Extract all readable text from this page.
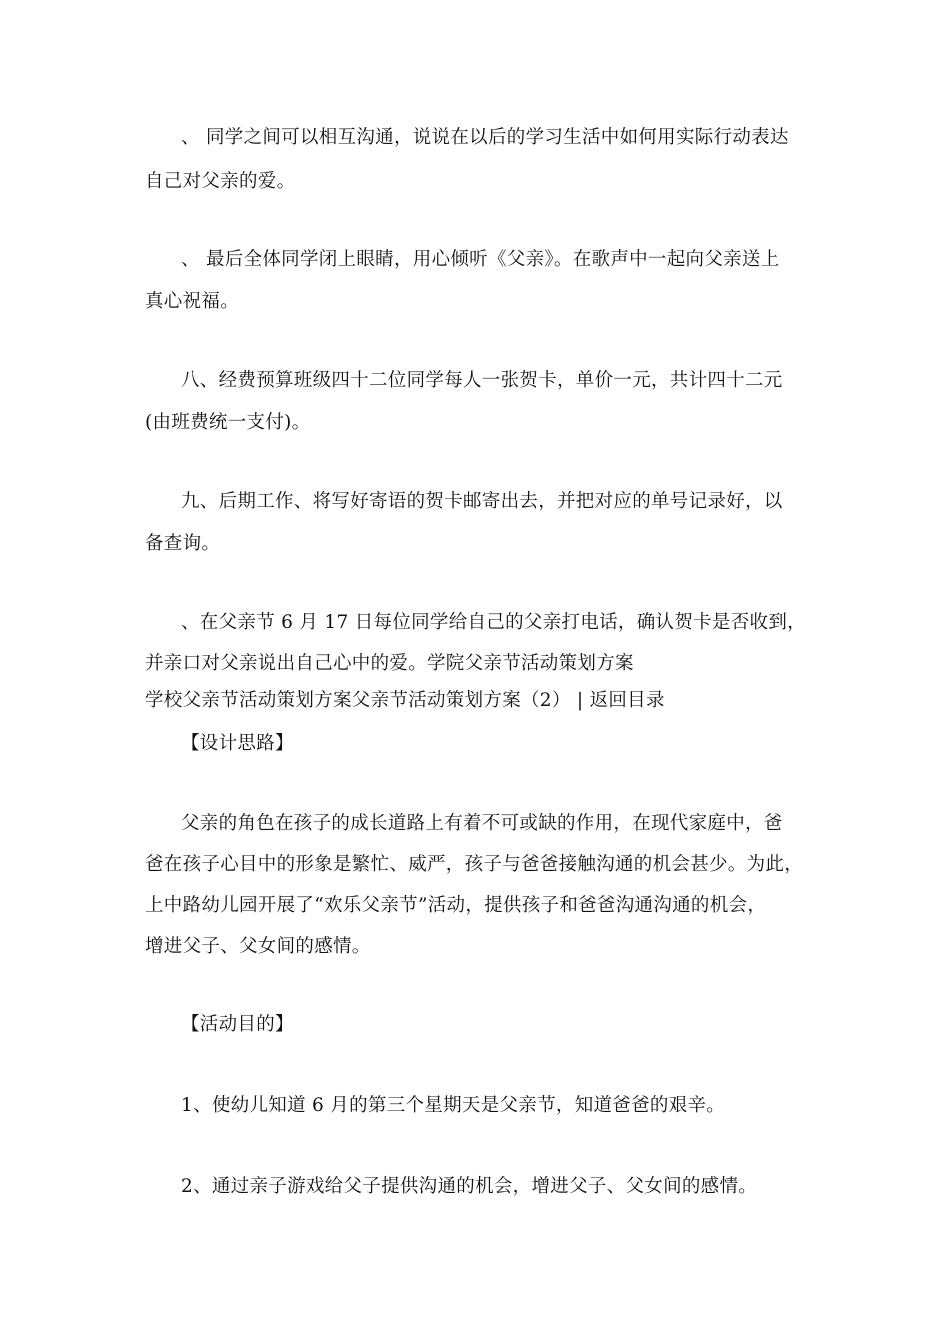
、 同学之间可以相互沟通，说说在以后的学习生活中如何用实际行动表达
自己对父亲的爱。
、 最后全体同学闭上眼睛，用心倾听《父亲》。在歌声中一起向父亲送上
真心祝福。
八、经费预算班级四十二位同学每人一张贺卡，单价一元，共计四十二元
(由班费统一支付)。
九、后期工作、将写好寄语的贺卡邮寄出去，并把对应的单号记录好，以
备查询。
、在父亲节 6 月 17 日每位同学给自己的父亲打电话，确认贺卡是否收到，
并亲口对父亲说出自己心中的爱。学院父亲节活动策划方案
学校父亲节活动策划方案父亲节活动策划方案（2） | 返回目录
【设计思路】
父亲的角色在孩子的成长道路上有着不可或缺的作用，在现代家庭中，爸
爸在孩子心目中的形象是繁忙、威严，孩子与爸爸接触沟通的机会甚少。为此，
上中路幼儿园开展了“欢乐父亲节”活动，提供孩子和爸爸沟通沟通的机会，
增进父子、父女间的感情。
【活动目的】
1、使幼儿知道 6 月的第三个星期天是父亲节，知道爸爸的艰辛。
2、通过亲子游戏给父子提供沟通的机会，增进父子、父女间的感情。
